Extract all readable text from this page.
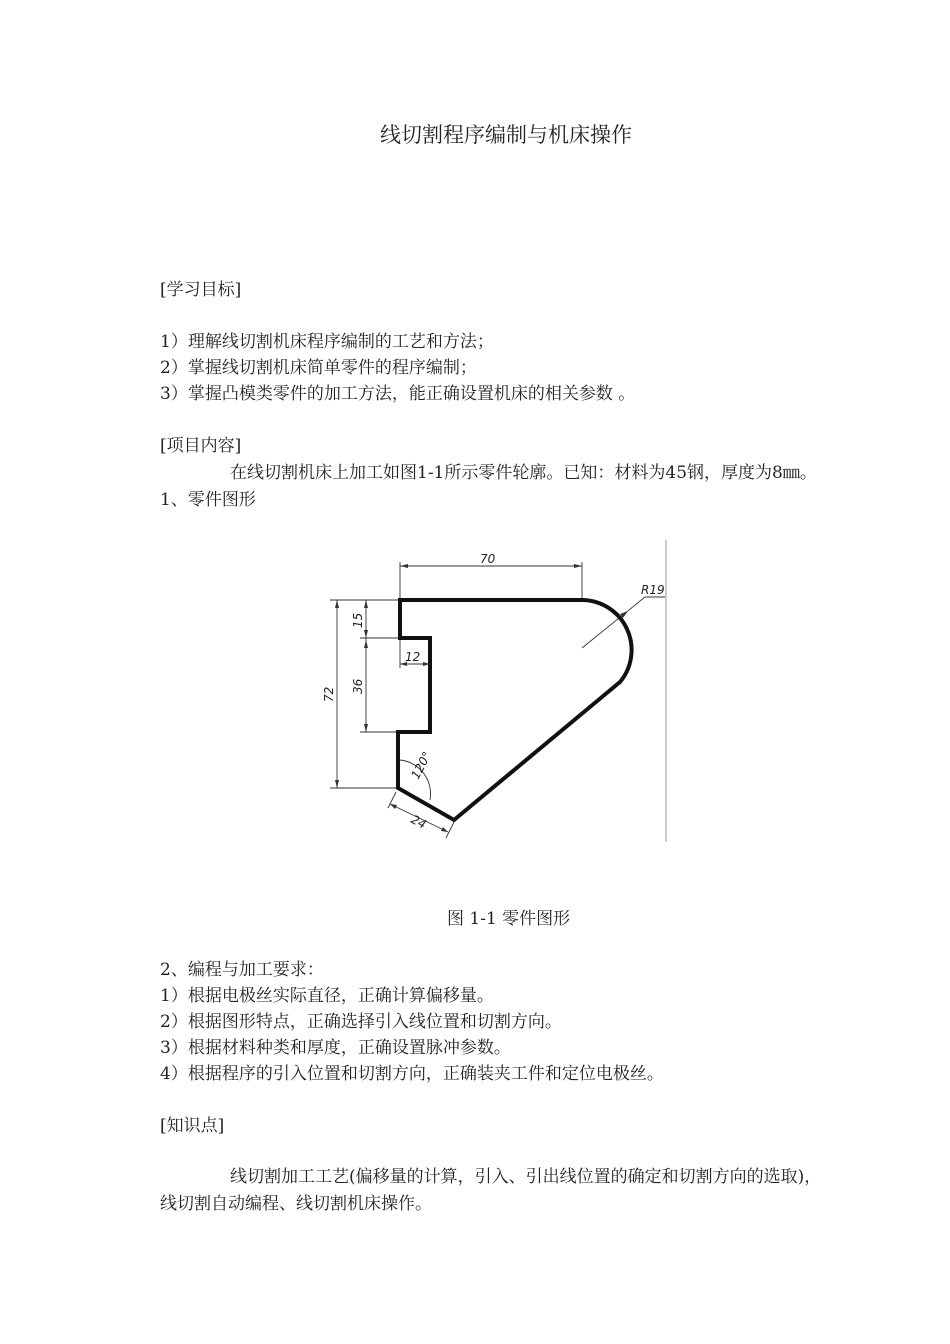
线切割程序编制与机床操作
[学习目标]
1）理解线切割机床程序编制的工艺和方法；
2）掌握线切割机床简单零件的程序编制；
3）掌握凸模类零件的加工方法，能正确设置机床的相关参数 。
[项目内容]
在线切割机床上加工如图1-1所示零件轮廓。已知：材料为45钢，厚度为8㎜。
1、零件图形
70
R19
12
15
36
72
120°
24
图 1-1 零件图形
2、编程与加工要求：
1）根据电极丝实际直径，正确计算偏移量。
2）根据图形特点，正确选择引入线位置和切割方向。
3）根据材料种类和厚度，正确设置脉冲参数。
4）根据程序的引入位置和切割方向，正确装夹工件和定位电极丝。
[知识点]
线切割加工工艺(偏移量的计算，引入、引出线位置的确定和切割方向的选取)，
线切割自动编程、线切割机床操作。
